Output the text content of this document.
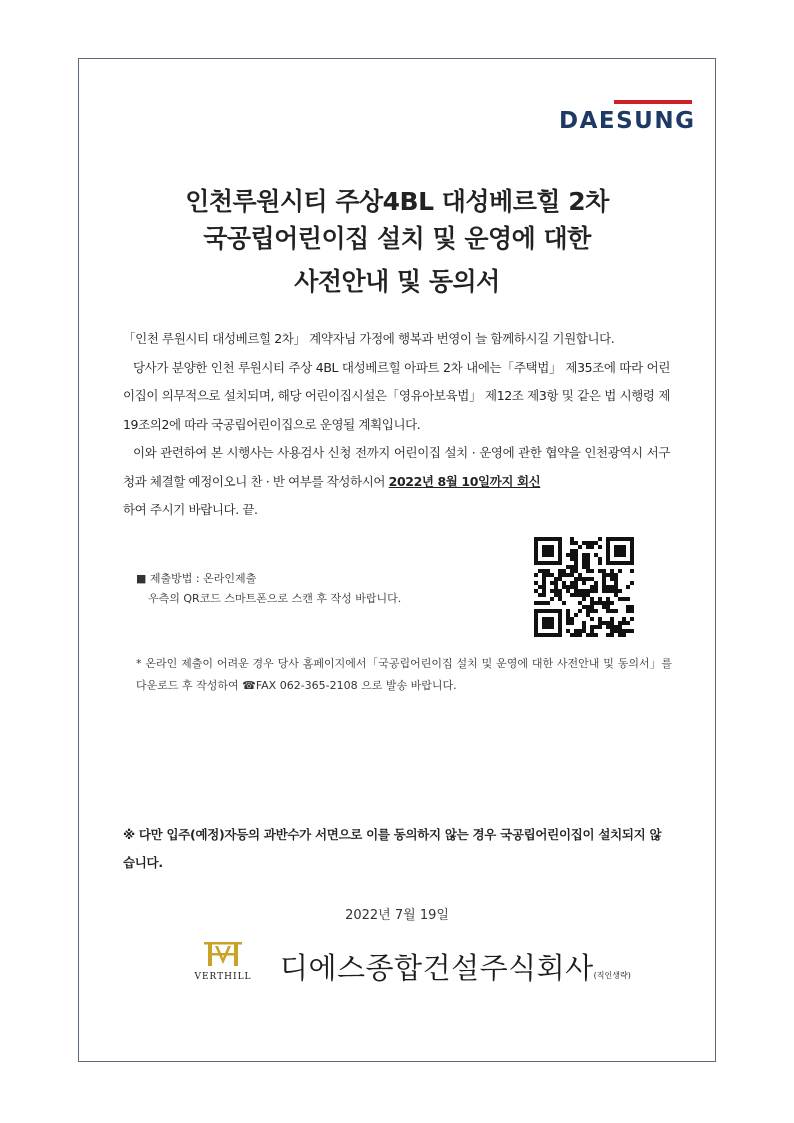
DAESUNG
인천루원시티 주상4BL 대성베르힐 2차
국공립어린이집 설치 및 운영에 대한
사전안내 및 동의서

「인천 루원시티 대성베르힐 2차」 계약자님 가정에 행복과 번영이 늘 함께하시길 기원합니다.

당사가 분양한 인천 루원시티 주상 4BL 대성베르힐 아파트 2차 내에는「주택법」 제35조에 따라 어린이집이 의무적으로 설치되며, 해당 어린이집시설은「영유아보육법」 제12조 제3항 및 같은 법 시행령 제19조의2에 따라 국공립어린이집으로 운영될 계획입니다.

이와 관련하여 본 시행사는 사용검사 신청 전까지 어린이집 설치 · 운영에 관한 협약을 인천광역시 서구청과 체결할 예정이오니 찬 · 반 여부를 작성하시어 2022년 8월 10일까지 회신
하여 주시기 바랍니다. 끝.

■ 제출방법 : 온라인제출
우측의 QR코드 스마트폰으로 스캔 후 작성 바랍니다.
* 온라인 제출이 어려운 경우 당사 홈페이지에서「국공립어린이집 설치 및 운영에 대한 사전안내 및 동의서」를 다운로드 후 작성하여 ☎FAX 062-365-2108 으로 발송 바랍니다.
※ 다만 입주(예정)자등의 과반수가 서면으로 이를 동의하지 않는 경우 국공립어린이집이 설치되지 않습니다.
2022년 7월 19일
VERTHILL 디에스종합건설주식회사(직인생략)
